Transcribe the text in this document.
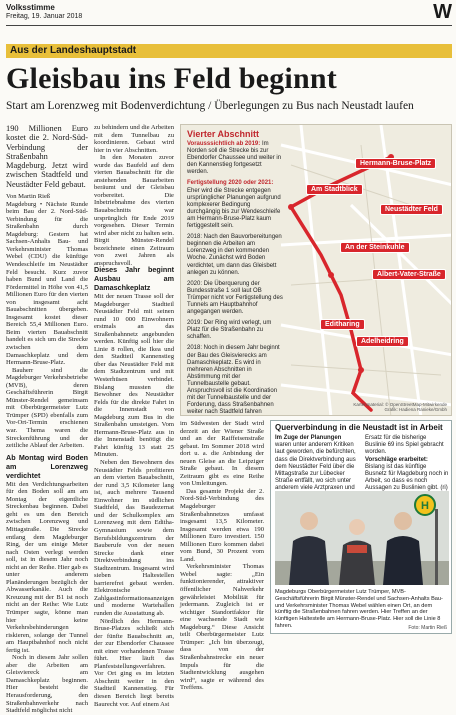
Volksstimme
Freitag, 19. Januar 2018	W
Aus der Landeshauptstadt
Gleisbau ins Feld beginnt
Start am Lorenzweg mit Bodenverdichtung / Überlegungen zu Bus nach Neustadt laufen

190 Millionen Euro kostet die 2. Nord-Süd-Verbindung der Straßenbahn Magdeburg. Jetzt wird zwischen Stadtfeld und Neustädter Feld gebaut.

Von Martin Rieß

Magdeburg • Nächste Runde beim Bau der 2. Nord-Süd-Verbindung für die Straßenbahn durch Magdeburg: Gestern hat Sachsen-Anhalts Bau- und Verkehrsminister Thomas Webel (CDU) die künftige Wendeschleife im Neustädter Feld besucht. Kurz zuvor haben Bund und Land die Fördermittel in Höhe von 41,5 Millionen Euro für den vierten von insgesamt acht Bauabschnitten übergeben. Insgesamt kostet dieser Bereich 55,4 Millionen Euro. Beim vierten Bauabschnitt handelt es sich um die Strecke zwischen dem Damaschkeplatz und dem Hermann-Bruse-Platz.

Bauherr sind die Magdeburger Verkehrsbetriebe (MVB), deren Geschäftsführerin Birgit Münster-Rendel gemeinsam mit Oberbürgermeister Lutz Trümper (SPD) ebenfalls zum Vor-Ort-Termin erschienen war. Thema waren die Streckenführung und der zeitliche Ablauf der Arbeiten.

Ab Montag wird Boden am Lorenzweg verdichtet

Mit den Verdichtungsarbeiten für den Boden soll am am Montag der eigentliche Streckenbau beginnen. Dabei geht es um den Bereich zwischen Lorenzweg und Mittagstraße. Die Strecke entlang dem Magdeburger Ring, der um einige Meter nach Osten verlegt werden soll, ist in diesem Jahr noch nicht an der Reihe. Hier gab es unter anderem Planänderungen bezüglich der Abwasserkanäle. Auch die Kreuzung mit der B1 ist noch nicht an der Reihe: Wie Lutz Trümper sagte, könne man hier keine Verkehrsbehinderungen riskieren, solange der Tunnel am Hauptbahnhof noch nicht fertig ist.

Noch in diesem Jahr sollen aber die Arbeiten am Gleisviereck am Damaschkeplatz beginnen. Hier besteht die Herausforderung, den Straßenbahnverkehr nach Stadtfeld möglichst nicht

zu behindern und die Arbeiten mit dem Tunnelbau zu koordinieren. Gebaut wird hier in vier Abschnitten.

In den Monaten zuvor wurde das Baufeld auf dem vierten Bauabschnitt für die anstehenden Bauarbeiten beräumt und der Gleisbau vorbereitet. Die Inbetriebnahme des vierten Bauabschnitts war ursprünglich für Ende 2019 vorgesehen. Dieser Termin wird aber nicht zu halten sein. Birgit Münster-Rendel bezeichnete einen Zeitraum von zwei Jahren als anspruchsvoll.

Dieses Jahr beginnt Ausbau am Damaschkeplatz

Mit der neuen Trasse soll der Magdeburger Stadtteil Neustädter Feld mit seinen rund 10 000 Einwohnern erstmals an das Straßenbahnnetz angebunden werden. Künftig soll hier die Linie 8 rollen, die Ikea und den Stadtteil Kannenstieg über das Neustädter Feld mit dem Stadtzentrum und mit Westerhüsen verbindet. Bislang mussten die Bewohner des Neustädter Felds für die direkte Fahrt in die Innenstadt von Magdeburg zum Bus in die Straßenbahn umsteigen. Vom Hermann-Bruse-Platz aus in die Innenstadt benötigt die Fahrt künftig 13 statt 25 Minuten.

Neben den Bewohnern des Neustädter Felds profitieren an dem vierten Bauabschnitt, der rund 3,5 Kilometer lang ist, auch mehrere Tausend Einwohner im südlichen Stadtfeld, das Baudezernat und der Schulkomplex am Lorenzweg mit dem Editha-Gymnasium sowie dem Berufsbildungszentrum der Bauberufe von der neuen Strecke dank einer Direktverbindung ins Stadtzentrum. Insgesamt wird sieben Haltestellen barrierefrei gebaut werden. Elektronische Zahlgastinformationsanzeigen und moderne Wartehallen runden die Ausstattung ab.

Nördlich des Hermann-Bruse-Platzes schließt sich der fünfte Bauabschnitt an, der zur Ebendorfer Chaussee mit einer vorhandenen Trasse führt. Hier läuft das Planfeststellungsverfahren. Vor Ort ging es im letzten Abschnitt weiter in den Stadtteil Kannenstieg. Für diesen Bereich liegt bereits Baurecht vor. Auf einem Ast

Vierter Abschnitt

Vorausssichtlich ab 2019: Im Norden soll die Strecke bis zur Ebendorfer Chaussee und weiter in den Kannenstieg fortgesetzt werden.

Fertigstellung 2020 oder 2021: Eher wird die Strecke entgegen ursprünglicher Planungen aufgrund komplexerer Bedingung durchgängig bis zur Wendeschleife am Hermann-Bruse-Platz kaum fertiggestellt sein.

2018: Nach den Bauvorbereitungen beginnen die Arbeiten am Lorenzweg in den kommenden Woche. Zunächst wird Boden verdichtet, um dann das Gleisbett anlegen zu können.

2020: Die Überquerung der Bundesstraße 1 soll laut OB Trümper nicht vor Fertigstellung des Tunnels am Hauptbahnhof angegangen werden.

2019: Der Ring wird verlegt, um Platz für die Straßenbahn zu schaffen.

2018: Noch in diesem Jahr beginnt der Bau des Gleisvierecks am Damaschkeplatz. Es wird in mehreren Abschnitten in Abstimmung mit der Tunnelbaustelle gebaut. Anspruchsvoll ist die Koordination mit der Tunnelbaustelle und der Forderung, dass Straßenbahnen weiter nach Stadtfeld fahren

Hermann-Bruse-Platz
Am Stadtblick
Neustädter Feld
An der Steinkuhle
Albert-Vater-Straße
Editharing
Adelheidring
Kartenmaterial: © OpenStreetMap-Mitwirkende
Grafik: Hadiena Ranieke/Gmbh

im Südwesten der Stadt wird derzeit an der Wiener Straße und an der Raiffeisenstraße gebaut. Im Sommer 2018 wird dort u. a. die Anbindung der neuen Gleise an die Leipziger Straße gebaut. In diesem Zeitraum gibt es eine Reihe von Umleitungen.

Das gesamte Projekt der 2. Nord-Süd-Verbindung des Magdeburger Straßenbahnnetzes umfasst insgesamt 13,5 Kilometer. Insgesamt werden etwa 190 Millionen Euro investiert. 150 Millionen Euro kommen dabei vom Bund, 30 Prozent vom Land.

Verkehrsminister Thomas Webel sagte: „Ein funktionierender, attraktiver öffentlicher Nahverkehr gewährleistet Mobilität für jedermann. Zugleich ist er wichtiger Standortfaktor für eine wachsende Stadt wie Magdeburg.“ Diese Ansicht teilt Oberbürgermeister Lutz Trümper: „Ich bin überzeugt, dass von der Straßenbahnstrecke ein neuer Impuls für die Stadtentwicklung ausgehen wird“, sagte er während des Treffens.

Querverbindung in die Neustadt ist in Arbeit

Im Zuge der Planungen waren unter anderem Kritiken laut geworden, die befürchten, dass die Direktverbindung aus dem Neustädter Feld über die Mittagstraße zur Lübecker Straße entfällt, wo sich unter anderem viele Arztpraxen und

Ersatz für die bisherige Buslinie 69 ins Spiel gebracht worden.

Vorschläge erarbeitet: Bislang ist das künftige Busnetz für Magdeburg noch in Arbeit, so dass es noch Aussagen zu Buslinien gibt. (ri)

H
Magdeburgs Oberbürgermeister Lutz Trümper, MVB-Geschäftsführerin Birgit Münster-Rendel und Sachsen-Anhalts Bau- und Verkehrsminister Thomas Webel wählen einen Ort, an dem künftig die Straßenbahnen fahren werden. Hier Treffen an der künftigen Haltestelle am Hermann-Bruse-Platz. Hier soll die Linie 8 fahren.	Foto: Martin Rieß
